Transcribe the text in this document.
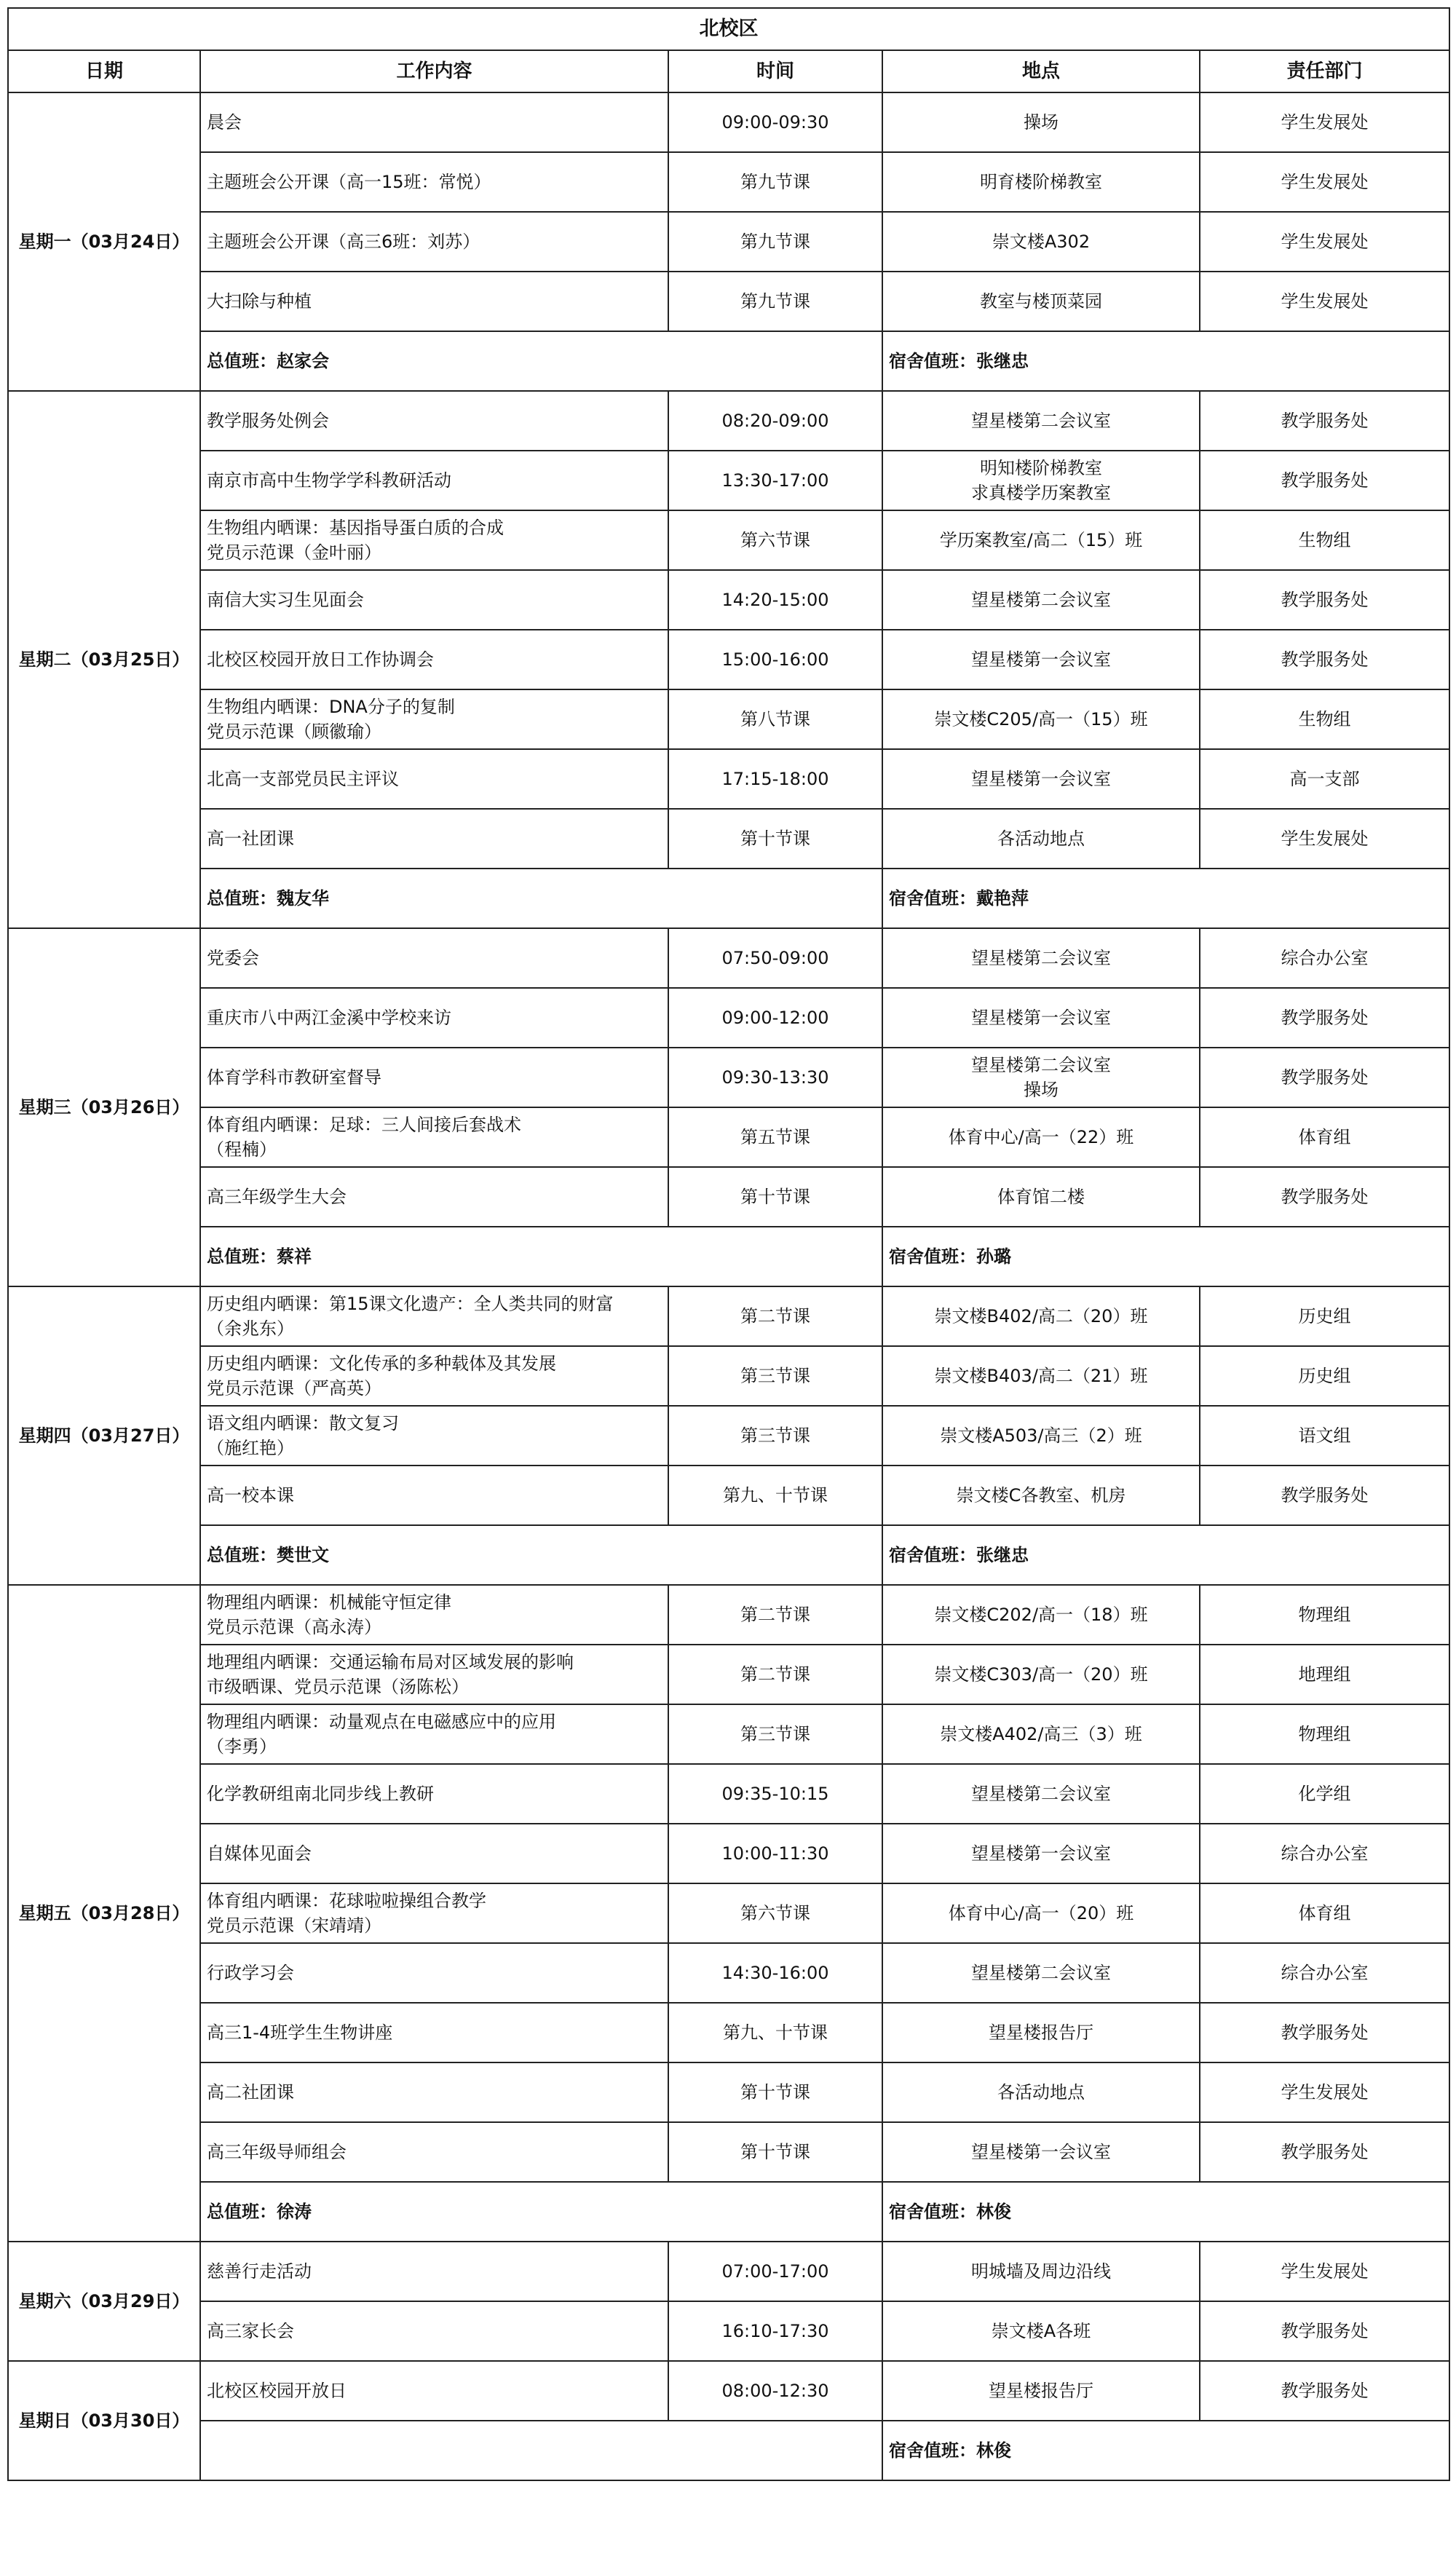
北校区				
日期	工作内容	时间	地点	责任部门
星期一（03月24日）	晨会	09:00-09:30	操场	学生发展处

	主题班会公开课（高一15班：常悦）	第九节课	明育楼阶梯教室	学生发展处

	主题班会公开课（高三6班：刘苏）	第九节课	崇文楼A302	学生发展处

	大扫除与种植	第九节课	教室与楼顶菜园	学生发展处
	总值班：赵家会		宿舍值班：张继忠	
星期二（03月25日）	教学服务处例会	08:20-09:00	望星楼第二会议室	教学服务处

	南京市高中生物学学科教研活动	13:30-17:00	明知楼阶梯教室
求真楼学历案教室	教学服务处

	生物组内晒课：基因指导蛋白质的合成
党员示范课（金叶丽）	第六节课	学历案教室/高二（15）班	生物组

	南信大实习生见面会	14:20-15:00	望星楼第二会议室	教学服务处

	北校区校园开放日工作协调会	15:00-16:00	望星楼第一会议室	教学服务处

	生物组内晒课：DNA分子的复制
党员示范课（顾徽瑜）	第八节课	崇文楼C205/高一（15）班	生物组

	北高一支部党员民主评议	17:15-18:00	望星楼第一会议室	高一支部

	高一社团课	第十节课	各活动地点	学生发展处
	总值班：魏友华		宿舍值班：戴艳萍	
星期三（03月26日）	党委会	07:50-09:00	望星楼第二会议室	综合办公室

	重庆市八中两江金溪中学校来访	09:00-12:00	望星楼第一会议室	教学服务处

	体育学科市教研室督导	09:30-13:30	望星楼第二会议室
操场	教学服务处

	体育组内晒课：足球：三人间接后套战术
（程楠）	第五节课	体育中心/高一（22）班	体育组

	高三年级学生大会	第十节课	体育馆二楼	教学服务处
	总值班：蔡祥		宿舍值班：孙璐	
星期四（03月27日）	历史组内晒课：第15课文化遗产：全人类共同的财富
（余兆东）	第二节课	崇文楼B402/高二（20）班	历史组

	历史组内晒课：文化传承的多种载体及其发展
党员示范课（严高英）	第三节课	崇文楼B403/高二（21）班	历史组

	语文组内晒课：散文复习
（施红艳）	第三节课	崇文楼A503/高三（2）班	语文组

	高一校本课	第九、十节课	崇文楼C各教室、机房	教学服务处
	总值班：樊世文		宿舍值班：张继忠	
星期五（03月28日）	物理组内晒课：机械能守恒定律
党员示范课（高永涛）	第二节课	崇文楼C202/高一（18）班	物理组

	地理组内晒课：交通运输布局对区域发展的影响
市级晒课、党员示范课（汤陈松）	第二节课	崇文楼C303/高一（20）班	地理组

	物理组内晒课：动量观点在电磁感应中的应用
（李勇）	第三节课	崇文楼A402/高三（3）班	物理组

	化学教研组南北同步线上教研	09:35-10:15	望星楼第二会议室	化学组

	自媒体见面会	10:00-11:30	望星楼第一会议室	综合办公室

	体育组内晒课：花球啦啦操组合教学
党员示范课（宋靖靖）	第六节课	体育中心/高一（20）班	体育组

	行政学习会	14:30-16:00	望星楼第二会议室	综合办公室

	高三1-4班学生生物讲座	第九、十节课	望星楼报告厅	教学服务处

	高二社团课	第十节课	各活动地点	学生发展处

	高三年级导师组会	第十节课	望星楼第一会议室	教学服务处
	总值班：徐涛		宿舍值班：林俊	
星期六（03月29日）	慈善行走活动	07:00-17:00	明城墙及周边沿线	学生发展处

	高三家长会	16:10-17:30	崇文楼A各班	教学服务处
星期日（03月30日）	北校区校园开放日	08:00-12:30	望星楼报告厅	教学服务处
			宿舍值班：林俊	
